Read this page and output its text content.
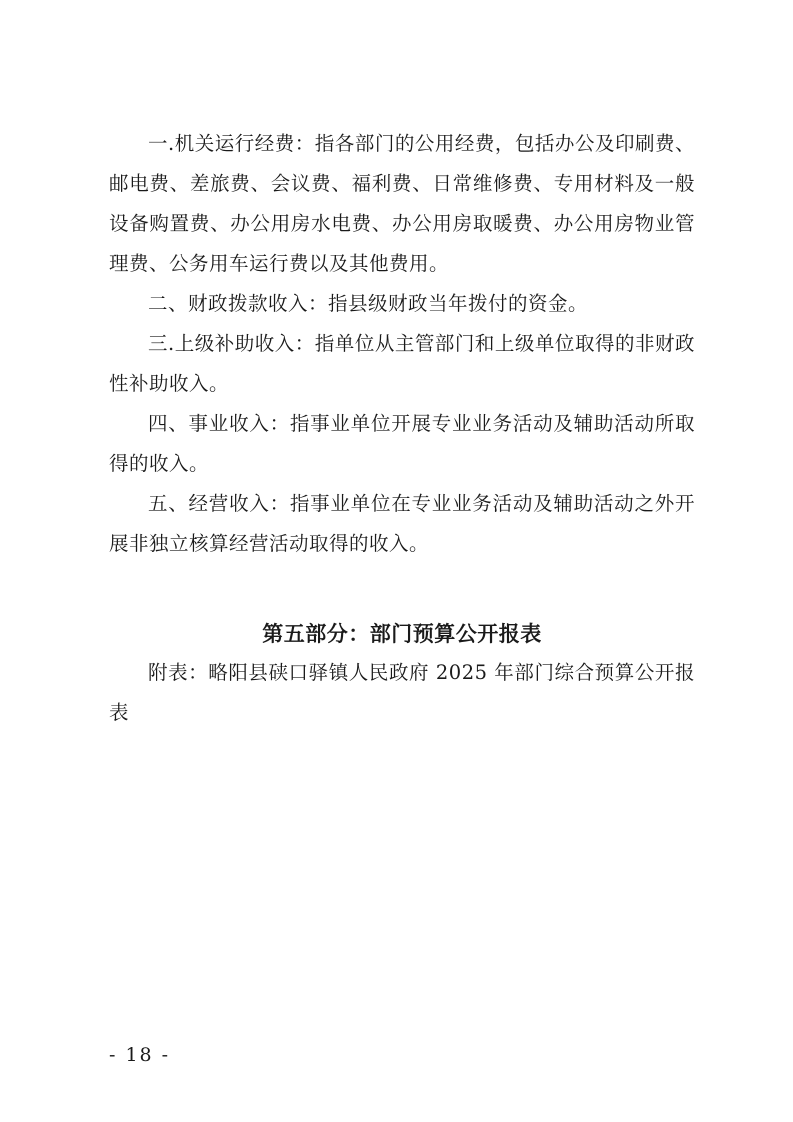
一.机关运行经费：指各部门的公用经费，包括办公及印刷费、邮电费、差旅费、会议费、福利费、日常维修费、专用材料及一般设备购置费、办公用房水电费、办公用房取暖费、办公用房物业管理费、公务用车运行费以及其他费用。

二、财政拨款收入：指县级财政当年拨付的资金。

三.上级补助收入：指单位从主管部门和上级单位取得的非财政性补助收入。

四、事业收入：指事业单位开展专业业务活动及辅助活动所取得的收入。

五、经营收入：指事业单位在专业业务活动及辅助活动之外开展非独立核算经营活动取得的收入。

第五部分：部门预算公开报表

附表：略阳县硖口驿镇人民政府 2025 年部门综合预算公开报表

- 18 -
